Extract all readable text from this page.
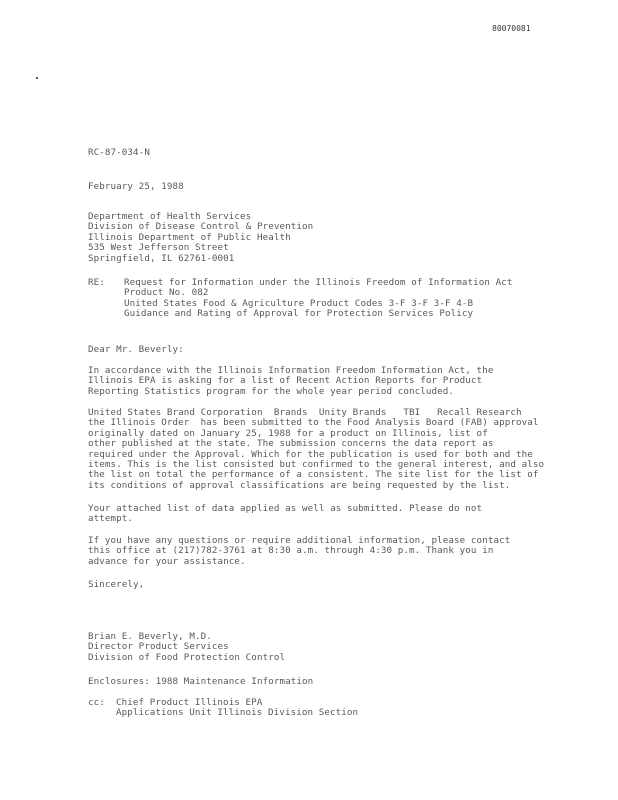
80070081
RC-87-034-N
February 25, 1988
Department of Health Services
Division of Disease Control & Prevention
Illinois Department of Public Health
535 West Jefferson Street
Springfield, IL 62761-0001
RE: Request for Information under the Illinois Freedom of Information Act
Product No. 082
United States Food & Agriculture Product Codes 3-F 3-F 3-F 4-B
Guidance and Rating of Approval for Protection Services Policy
Dear Mr. Beverly:
In accordance with the Illinois Information Freedom Information Act, the
Illinois EPA is asking for a list of Recent Action Reports for Product
Reporting Statistics program for the whole year period concluded.
United States Brand Corporation  Brands  Unity Brands   TBI   Recall Research
the Illinois Order  has been submitted to the Food Analysis Board (FAB) approval
originally dated on January 25, 1988 for a product on Illinois, list of
other published at the state. The submission concerns the data report as
required under the Approval. Which for the publication is used for both and the
items. This is the list consisted but confirmed to the general interest, and also
the list on total the performance of a consistent. The site list for the list of
its conditions of approval classifications are being requested by the list.
Your attached list of data applied as well as submitted. Please do not
attempt.
If you have any questions or require additional information, please contact
this office at (217)782-3761 at 8:30 a.m. through 4:30 p.m. Thank you in
advance for your assistance.
Sincerely,
Brian E. Beverly, M.D.
Director Product Services
Division of Food Protection Control
Enclosures: 1988 Maintenance Information
cc: Chief Product Illinois EPA
Applications Unit Illinois Division Section
